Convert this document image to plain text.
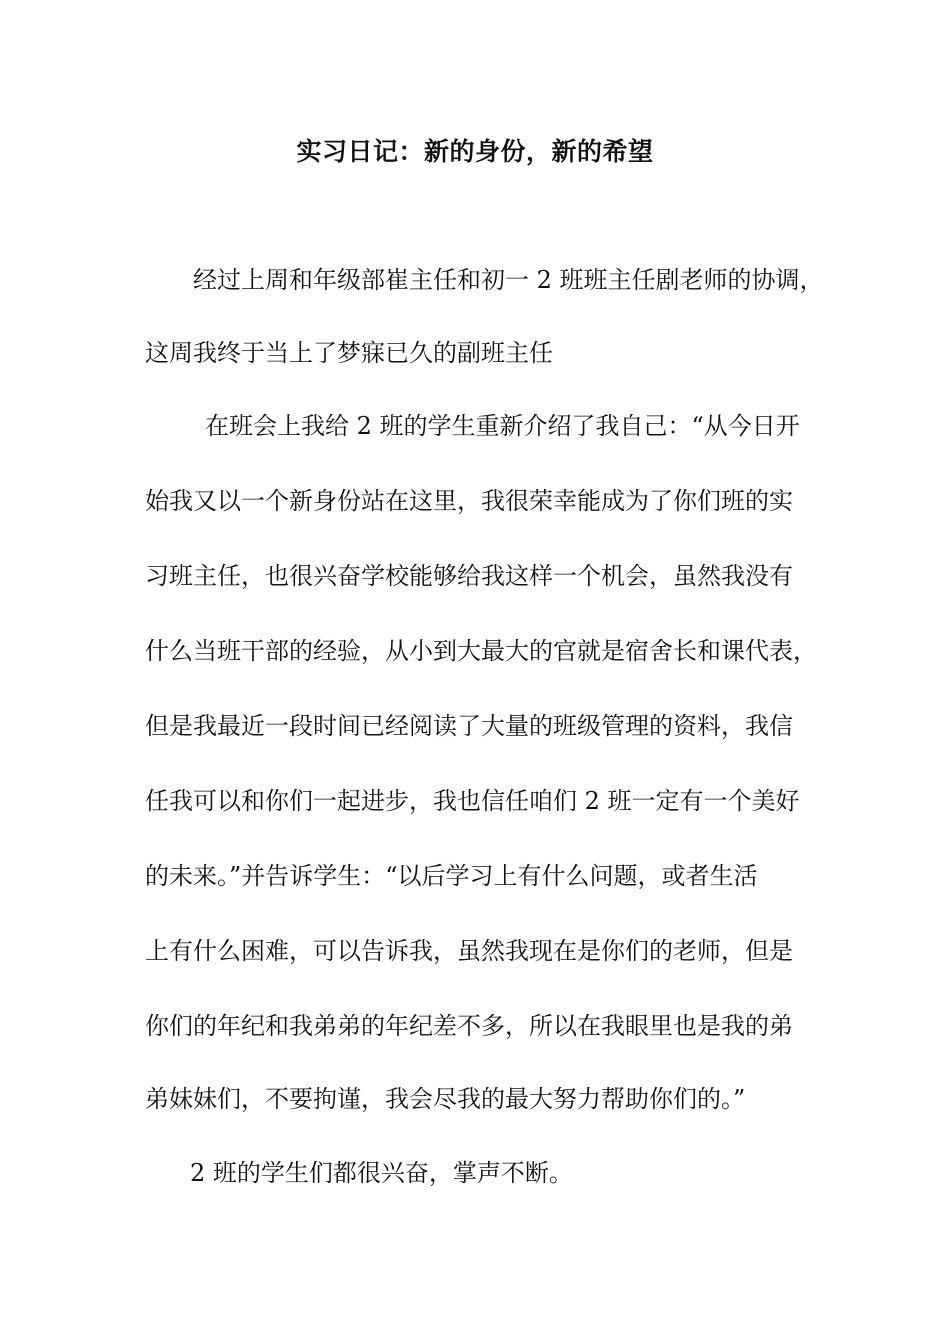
实习日记：新的身份，新的希望
经过上周和年级部崔主任和初一 2 班班主任剧老师的协调，
这周我终于当上了梦寐已久的副班主任
在班会上我给 2 班的学生重新介绍了我自己：“从今日开
始我又以一个新身份站在这里，我很荣幸能成为了你们班的实
习班主任，也很兴奋学校能够给我这样一个机会，虽然我没有
什么当班干部的经验，从小到大最大的官就是宿舍长和课代表，
但是我最近一段时间已经阅读了大量的班级管理的资料，我信
任我可以和你们一起进步，我也信任咱们 2 班一定有一个美好
的未来。”并告诉学生：“以后学习上有什么问题，或者生活
上有什么困难，可以告诉我，虽然我现在是你们的老师，但是
你们的年纪和我弟弟的年纪差不多，所以在我眼里也是我的弟
弟妹妹们，不要拘谨，我会尽我的最大努力帮助你们的。”
2 班的学生们都很兴奋，掌声不断。
